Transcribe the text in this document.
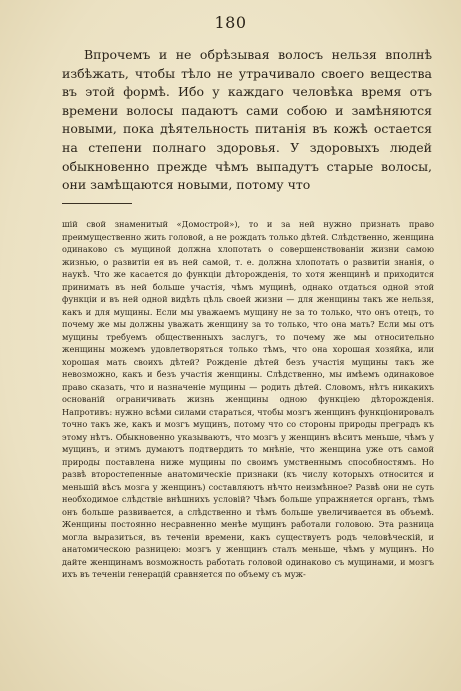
180

Впрочемъ и не обрѣзывая волосъ нельзя вполнѣ избѣжать, чтобы тѣло не утрачивало своего вещества въ этой формѣ. Ибо у каждаго человѣка время отъ времени волосы падаютъ сами собою и замѣняются новыми, пока дѣятельность питанія въ кожѣ остается на степени полнаго здоровья. У здоровыхъ людей обыкновенно прежде чѣмъ выпадутъ старые волосы, они замѣщаются новыми, потому что

шій свой знаменитый «Домострой»), то и за ней нужно признать право преимущественно жить головой, а не рождать только дѣтей. Слѣдственно, женщина одинаково съ мущиной должна хлопотать о совершенствованіи жизни самою жизнью, о развитіи ея въ ней самой, т. е. должна хлопотать о развитіи знанія, о наукѣ. Что же касается до функціи дѣторожденія, то хотя женщинѣ и приходится принимать въ ней больше участія, чѣмъ мущинѣ, однако отдаться одной этой функціи и въ ней одной видѣть цѣль своей жизни — для женщины такъ же нельзя, какъ и для мущины. Если мы уважаемъ мущину не за то только, что онъ отецъ, то почему же мы должны уважать женщину за то только, что она мать? Если мы отъ мущины требуемъ общественныхъ заслугъ, то почему же мы относительно женщины можемъ удовлетворяться только тѣмъ, что она хорошая хозяйка, или хорошая мать своихъ дѣтей? Рожденіе дѣтей безъ участія мущины такъ же невозможно, какъ и безъ участія женщины. Слѣдственно, мы имѣемъ одинаковое право сказать, что и назначеніе мущины — родить дѣтей. Словомъ, нѣтъ никакихъ основаній ограничивать жизнь женщины одною функціею дѣторожденія. Напротивъ: нужно всѣми силами стараться, чтобы мозгъ женщинъ функціонировалъ точно такъ же, какъ и мозгъ мущинъ, потому что со стороны природы преградъ къ этому нѣтъ. Обыкновенно указываютъ, что мозгъ у женщинъ вѣситъ меньше, чѣмъ у мущинъ, и этимъ думаютъ подтвердить то мнѣніе, что женщина уже отъ самой природы поставлена ниже мущины по своимъ умственнымъ способностямъ. Но развѣ второстепенные анатомическіе признаки (къ числу которыхъ относится и меньшій вѣсъ мозга у женщинъ) составляютъ нѣчто неизмѣнное? Развѣ они не суть необходимое слѣдствіе внѣшнихъ условій? Чѣмъ больше упражняется органъ, тѣмъ онъ больше развивается, а слѣдственно и тѣмъ больше увеличивается въ объемѣ. Женщины постоянно несравненно менѣе мущинъ работали головою. Эта разница могла выразиться, въ теченіи времени, какъ существуетъ родъ человѣческій, и анатомическою разницею: мозгъ у женщинъ сталъ меньше, чѣмъ у мущинъ. Но дайте женщинамъ возможность работать головой одинаково съ мущинами, и мозгъ ихъ въ теченіи генерацій сравняется по объему съ муж-
